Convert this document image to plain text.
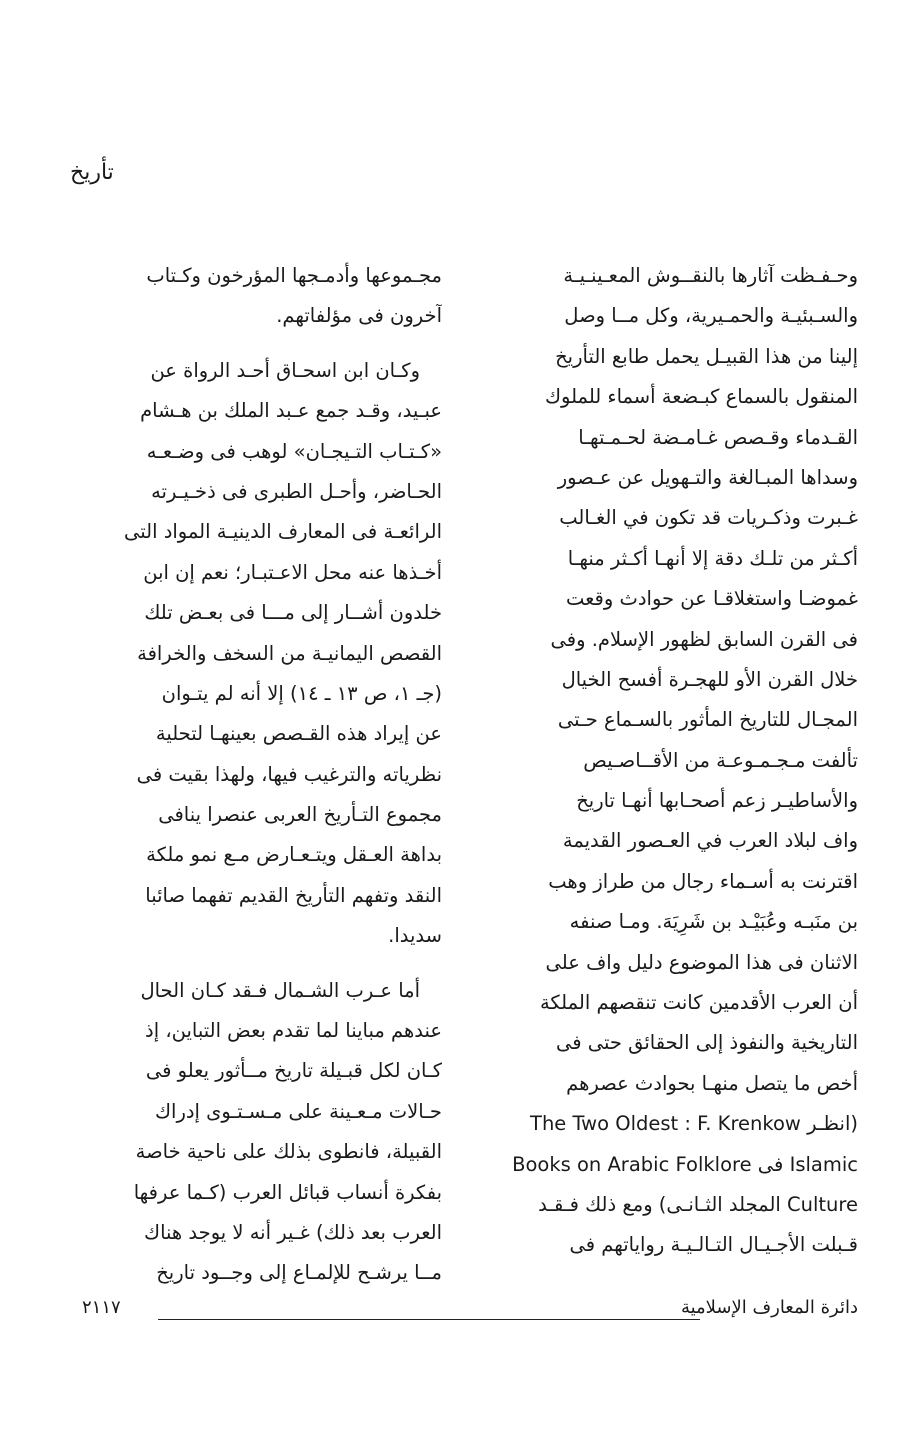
تأريخ
وحـفـظت آثارها بالنقــوش المعـينـيـة
والسـبئيـة والحمـيرية، وكل مــا وصل
إلينا من هذا القبيـل يحمل طابع التأريخ
المنقول بالسماع كبـضعة أسماء للملوك
القـدماء وقـصص غـامـضة لحـمـتهـا
وسداها المبـالغة والتـهويل عن عـصور
غـبرت وذكـريات قد تكون في الغـالب
أكـثر من تلـك دقة إلا أنهـا أكـثر منهـا
غموضـا واستغلاقـا عن حوادث وقعت
فى القرن السابق لظهور الإسلام. وفى
خلال القرن الأو للهجـرة أفسح الخيال
المجـال للتاريخ المأثور بالسـماع حـتى
تألفت مـجـمـوعـة من الأقــاصـيص
والأساطيـر زعم أصحـابها أنهـا تاريخ
واف لبلاد العرب في العـصور القديمة
اقترنت به أسـماء رجال من طراز وهب
بن منَبـه وعُبَيْـد بن شَرِيَهَ. ومـا صنفه
الاثنان فى هذا الموضوع دليل واف على
أن العرب الأقدمين كانت تنقصهم الملكة
التاريخية والنفوذ إلى الحقائق حتى فى
أخص ما يتصل منهـا بحوادث عصرهم
(انظـر The Two Oldest : F. Krenkow
Islamic فى Books on Arabic Folklore
Culture المجلد الثـانـى) ومع ذلك فـقـد
قـبلت الأجـيـال التـالـيـة رواياتهم فى
مجـموعها وأدمـجها المؤرخون وكـتاب
آخرون فى مؤلفاتهم.
وكـان ابن اسحـاق أحـد الرواة عن
عبـيد، وقـد جمع عـبد الملك بن هـشام
«كـتـاب التـيجـان» لوهب فى وضـعـه
الحـاضر، وأحـل الطبرى فى ذخـيـرته
الرائعـة فى المعارف الدينيـة المواد التى
أخـذها عنه محل الاعـتبـار؛ نعم إن ابن
خلدون أشــار إلى مـــا فى بعـض تلك
القصص اليمانيـة من السخف والخرافة
(جـ ١، ص ١٣ ـ ١٤) إلا أنه لم يتـوان
عن إيراد هذه القـصص بعينهـا لتحلية
نظرياته والترغيب فيها، ولهذا بقيت فى
مجموع التـأريخ العربى عنصرا ينافى
بداهة العـقل ويتـعـارض مـع نمو ملكة
النقد وتفهم التأريخ القديم تفهما صائبا
سديدا.
أما عـرب الشـمال فـقد كـان الحال
عندهم مباينا لما تقدم بعض التباين، إذ
كـان لكل قبـيلة تاريخ مــأثور يعلو فى
حـالات مـعـينة على مـسـتـوى إدراك
القبيلة، فانطوى بذلك على ناحية خاصة
بفكرة أنساب قبائل العرب (كـما عرفها
العرب بعد ذلك) غـير أنه لا يوجد هناك
مــا يرشـح للإلمـاع إلى وجــود تاريخ
دائرة المعارف الإسلامية
٢١١٧
